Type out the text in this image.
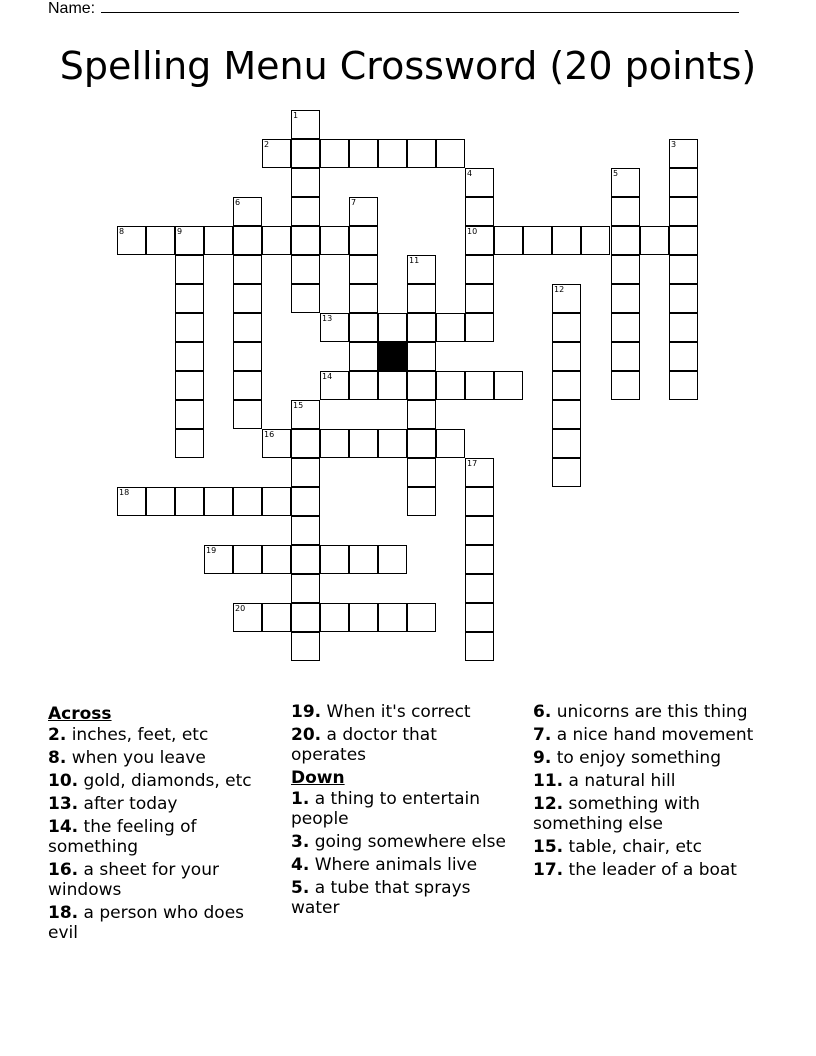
Name:
Spelling Menu Crossword (20 points)
1
2	3
4	5
6	7
8	9	10
11
12
13
14
15
16
17
18
19
20
Across
2. inches, feet, etc
8. when you leave
10. gold, diamonds, etc
13. after today
14. the feeling of something
16. a sheet for your windows
18. a person who does evil
19. When it's correct
20. a doctor that operates
Down
1. a thing to entertain people
3. going somewhere else
4. Where animals live
5. a tube that sprays water
6. unicorns are this thing
7. a nice hand movement
9. to enjoy something
11. a natural hill
12. something with something else
15. table, chair, etc
17. the leader of a boat
